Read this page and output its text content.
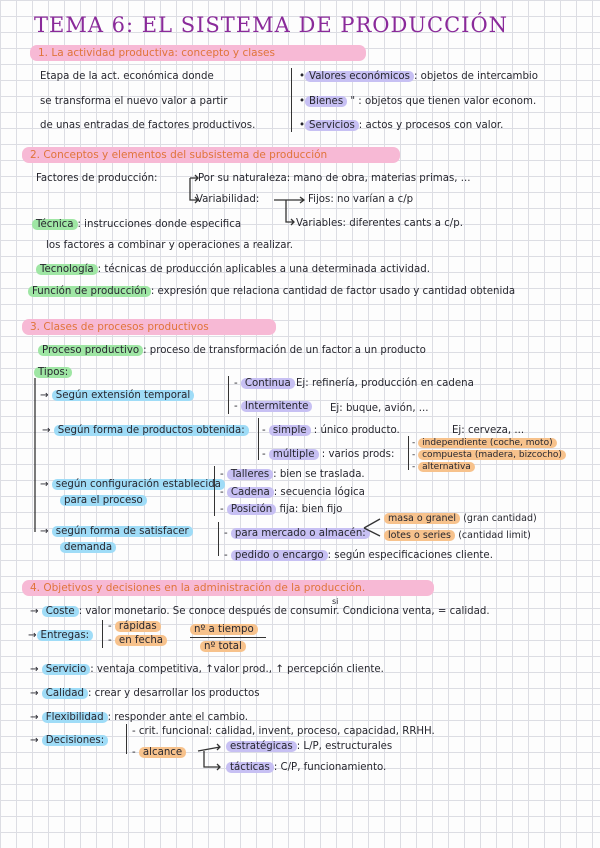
TEMA 6: EL SISTEMA DE PRODUCCIÓN
1. La actividad productiva: concepto y clases
Etapa de la act. económica donde
se transforma el nuevo valor a partir
de unas entradas de factores productivos.
• Valores económicos : objetos de intercambio
• Bienes " : objetos que tienen valor econom.
• Servicios : actos y procesos con valor.
2. Conceptos y elementos del subsistema de producción
Factores de producción:	Por su naturaleza: mano de obra, materias primas, ...
Variabilidad:	Fijos: no varían a c/p
Variables: diferentes cants a c/p.
Técnica : instrucciones donde especifica
los factores a combinar y operaciones a realizar.
Tecnología : técnicas de producción aplicables a una determinada actividad.
Función de producción : expresión que relaciona cantidad de factor usado y cantidad obtenida
3. Clases de procesos productivos
Proceso productivo : proceso de transformación de un factor a un producto
Tipos:
→ Según extensión temporal
- Continua Ej: refinería, producción en cadena
- Intermitente	Ej: buque, avión, ...
→ Según forma de productos obtenida:	- simple : único producto.	Ej: cerveza, ...
- múltiple : varios prods:
- independiente (coche, moto)
- compuesta (madera, bizcocho)
- alternativa
→ según configuración establecida
para el proceso
- Talleres : bien se traslada.
- Cadena : secuencia lógica
- Posición fija: bien fijo
→ según forma de satisfacer
demanda
- para mercado o almacén:
masa o granel (gran cantidad)
lotes o series (cantidad limit)
- pedido o encargo : según especificaciones cliente.
4. Objetivos y decisiones en la administración de la producción.
si
→ Coste : valor monetario. Se conoce después de consumir. Condiciona venta, = calidad.
→ Entregas:
- rápidas
- en fecha
nº a tiempo
nº total
→ Servicio : ventaja competitiva, ↑valor prod., ↑ percepción cliente.
→ Calidad : crear y desarrollar los productos
→ Flexibilidad : responder ante el cambio.
→ Decisiones:
- crit. funcional: calidad, invent, proceso, capacidad, RRHH.
- alcance
estratégicas : L/P, estructurales
tácticas : C/P, funcionamiento.
